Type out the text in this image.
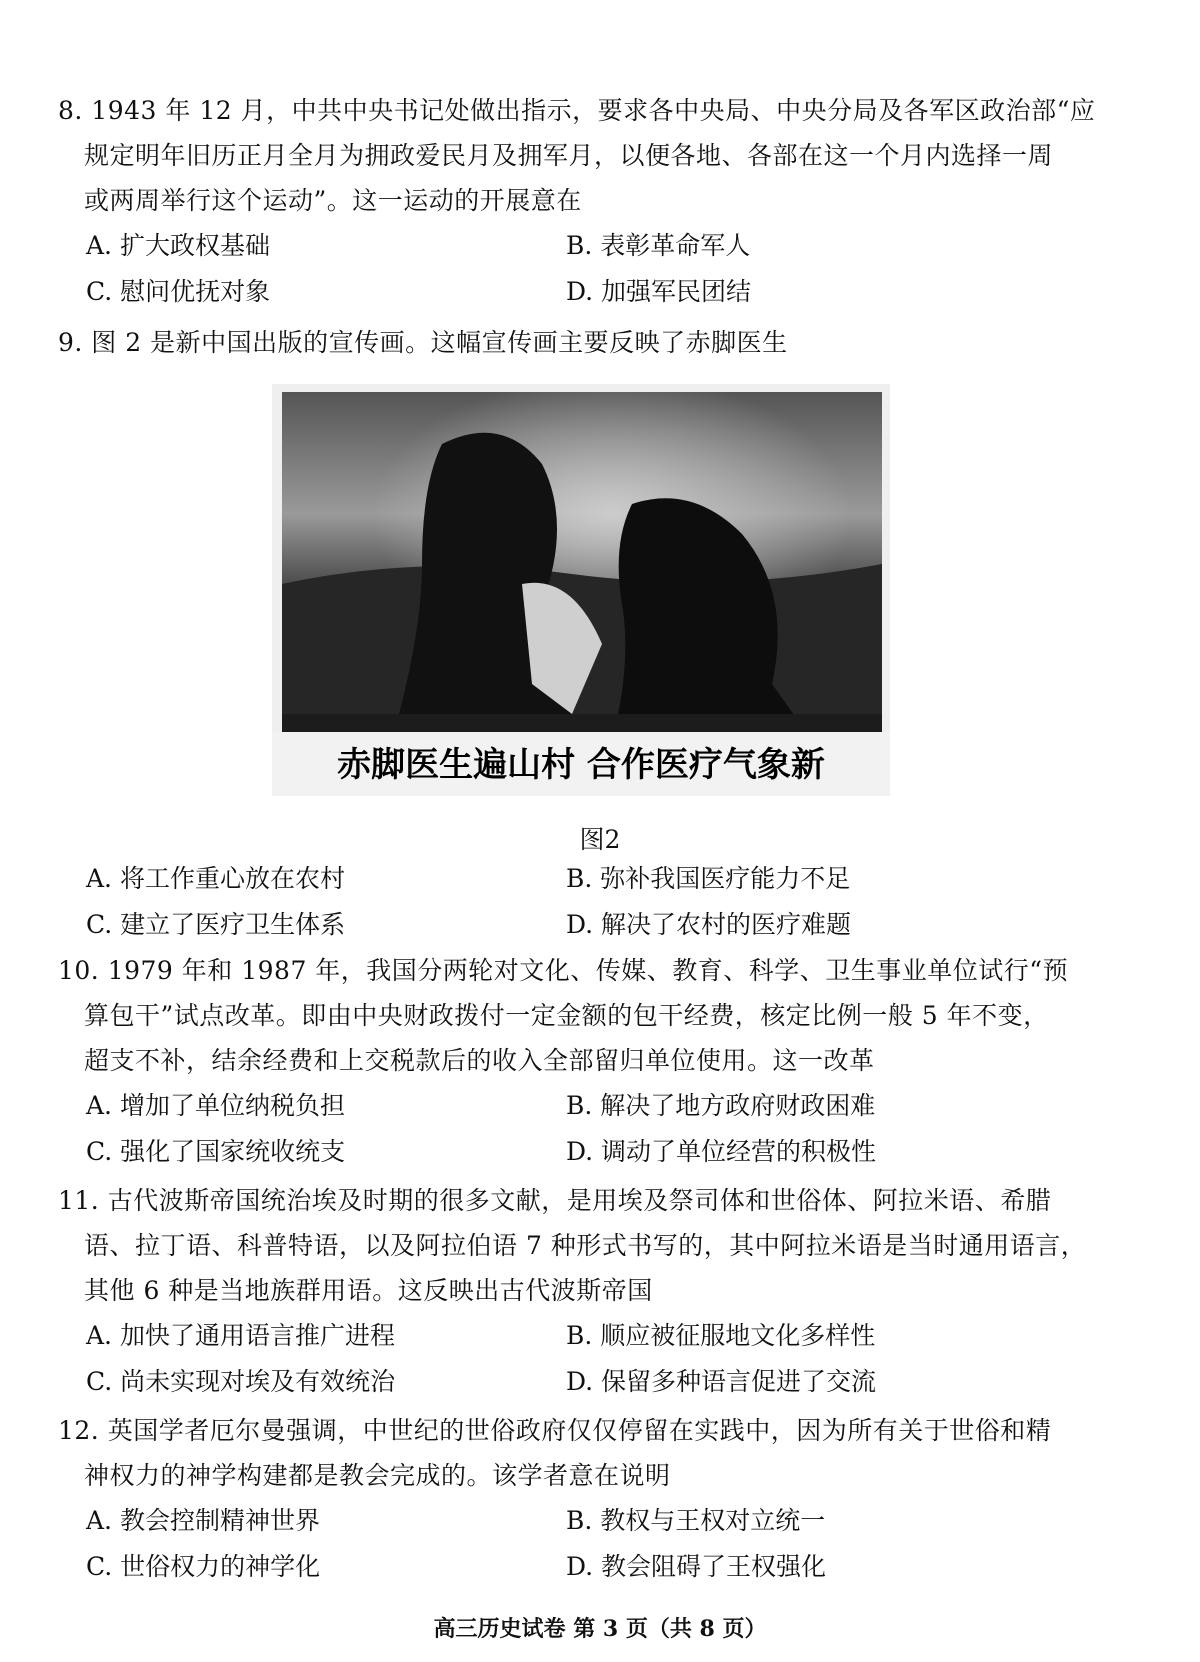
8. 1943 年 12 月，中共中央书记处做出指示，要求各中央局、中央分局及各军区政治部“应
规定明年旧历正月全月为拥政爱民月及拥军月，以便各地、各部在这一个月内选择一周
或两周举行这个运动”。这一运动的开展意在
A. 扩大政权基础	B. 表彰革命军人
C. 慰问优抚对象	D. 加强军民团结
9. 图 2 是新中国出版的宣传画。这幅宣传画主要反映了赤脚医生
赤脚医生遍山村 合作医疗气象新
图2
A. 将工作重心放在农村	B. 弥补我国医疗能力不足
C. 建立了医疗卫生体系	D. 解决了农村的医疗难题
10. 1979 年和 1987 年，我国分两轮对文化、传媒、教育、科学、卫生事业单位试行“预
算包干”试点改革。即由中央财政拨付一定金额的包干经费，核定比例一般 5 年不变，
超支不补，结余经费和上交税款后的收入全部留归单位使用。这一改革
A. 增加了单位纳税负担	B. 解决了地方政府财政困难
C. 强化了国家统收统支	D. 调动了单位经营的积极性
11. 古代波斯帝国统治埃及时期的很多文献，是用埃及祭司体和世俗体、阿拉米语、希腊
语、拉丁语、科普特语，以及阿拉伯语 7 种形式书写的，其中阿拉米语是当时通用语言，
其他 6 种是当地族群用语。这反映出古代波斯帝国
A. 加快了通用语言推广进程	B. 顺应被征服地文化多样性
C. 尚未实现对埃及有效统治	D. 保留多种语言促进了交流
12. 英国学者厄尔曼强调，中世纪的世俗政府仅仅停留在实践中，因为所有关于世俗和精
神权力的神学构建都是教会完成的。该学者意在说明
A. 教会控制精神世界	B. 教权与王权对立统一
C. 世俗权力的神学化	D. 教会阻碍了王权强化
高三历史试卷 第 3 页（共 8 页）
